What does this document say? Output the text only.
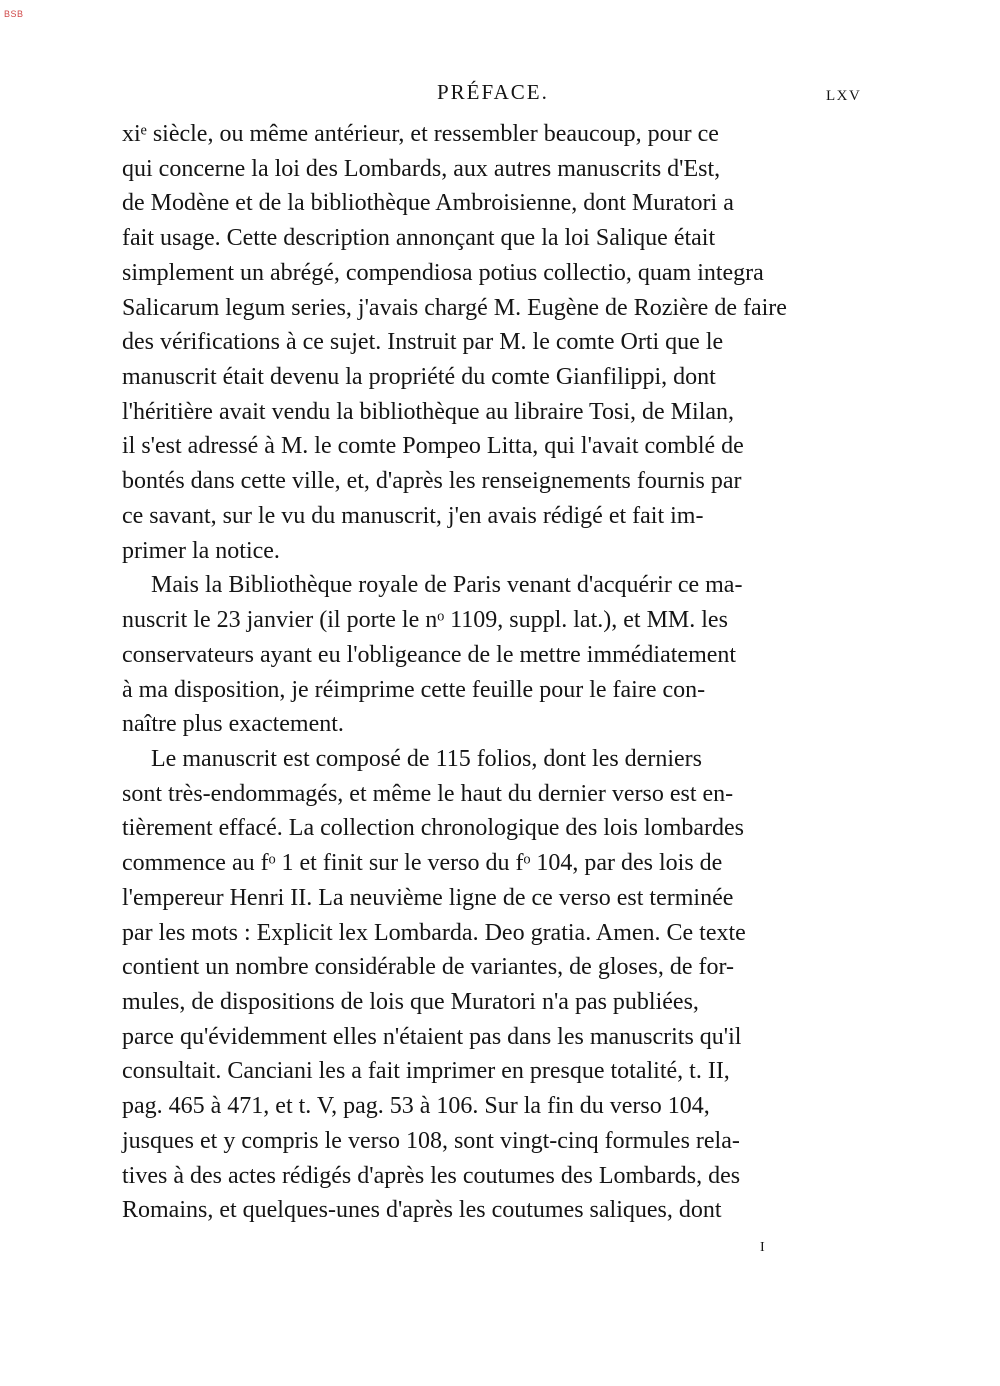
BSB
PRÉFACE.	LXV
xiᵉ siècle, ou même antérieur, et ressembler beaucoup, pour ce
qui concerne la loi des Lombards, aux autres manuscrits d'Est,
de Modène et de la bibliothèque Ambroisienne, dont Muratori a
fait usage. Cette description annonçant que la loi Salique était
simplement un abrégé, compendiosa potius collectio, quam integra
Salicarum legum series, j'avais chargé M. Eugène de Rozière de faire
des vérifications à ce sujet. Instruit par M. le comte Orti que le
manuscrit était devenu la propriété du comte Gianfilippi, dont
l'héritière avait vendu la bibliothèque au libraire Tosi, de Milan,
il s'est adressé à M. le comte Pompeo Litta, qui l'avait comblé de
bontés dans cette ville, et, d'après les renseignements fournis par
ce savant, sur le vu du manuscrit, j'en avais rédigé et fait im-
primer la notice.
Mais la Bibliothèque royale de Paris venant d'acquérir ce ma-
nuscrit le 23 janvier (il porte le nᵒ 1109, suppl. lat.), et MM. les
conservateurs ayant eu l'obligeance de le mettre immédiatement
à ma disposition, je réimprime cette feuille pour le faire con-
naître plus exactement.
Le manuscrit est composé de 115 folios, dont les derniers
sont très-endommagés, et même le haut du dernier verso est en-
tièrement effacé. La collection chronologique des lois lombardes
commence au fᵒ 1 et finit sur le verso du fᵒ 104, par des lois de
l'empereur Henri II. La neuvième ligne de ce verso est terminée
par les mots : Explicit lex Lombarda. Deo gratia. Amen. Ce texte
contient un nombre considérable de variantes, de gloses, de for-
mules, de dispositions de lois que Muratori n'a pas publiées,
parce qu'évidemment elles n'étaient pas dans les manuscrits qu'il
consultait. Canciani les a fait imprimer en presque totalité, t. II,
pag. 465 à 471, et t. V, pag. 53 à 106. Sur la fin du verso 104,
jusques et y compris le verso 108, sont vingt-cinq formules rela-
tives à des actes rédigés d'après les coutumes des Lombards, des
Romains, et quelques-unes d'après les coutumes saliques, dont
I
